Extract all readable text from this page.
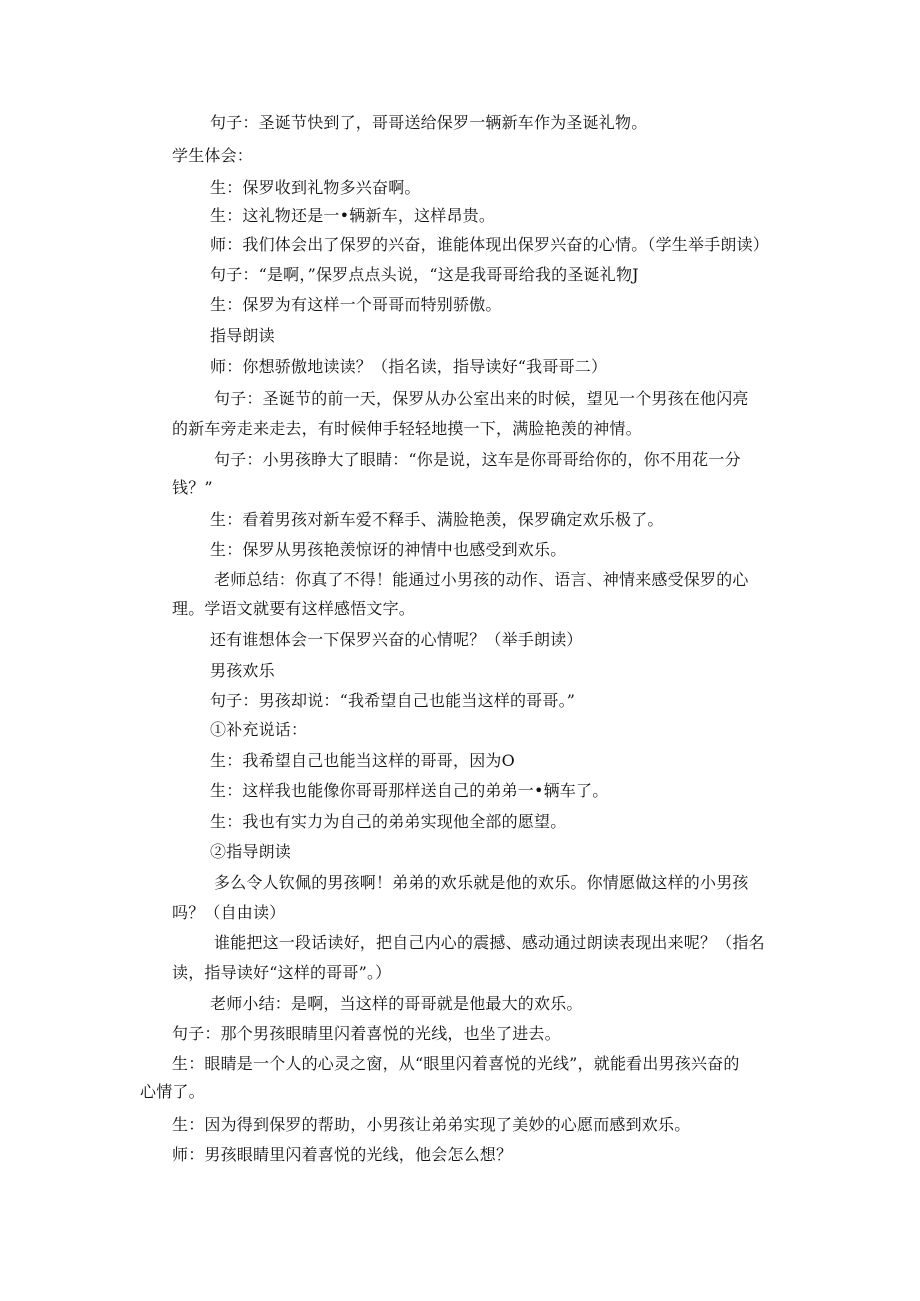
句子：圣诞节快到了，哥哥送给保罗一辆新车作为圣诞礼物。
学生体会：
生：保罗收到礼物多兴奋啊。
生：这礼物还是一•辆新车，这样昂贵。
师：我们体会出了保罗的兴奋，谁能体现出保罗兴奋的心情。（学生举手朗读）
句子：“是啊，”保罗点点头说，“这是我哥哥给我的圣诞礼物J
生：保罗为有这样一个哥哥而特别骄傲。
指导朗读
师：你想骄傲地读读？（指名读，指导读好“我哥哥二）
句子：圣诞节的前一天，保罗从办公室出来的时候，望见一个男孩在他闪亮
的新车旁走来走去，有时候伸手轻轻地摸一下，满脸艳羡的神情。
句子：小男孩睁大了眼睛：“你是说，这车是你哥哥给你的，你不用花一分
钱？”
生：看着男孩对新车爱不释手、满脸艳羡，保罗确定欢乐极了。
生：保罗从男孩艳羡惊讶的神情中也感受到欢乐。
老师总结：你真了不得！能通过小男孩的动作、语言、神情来感受保罗的心
理。学语文就要有这样感悟文字。
还有谁想体会一下保罗兴奋的心情呢？（举手朗读）
男孩欢乐
句子：男孩却说：“我希望自己也能当这样的哥哥。”
①补充说话：
生：我希望自己也能当这样的哥哥，因为O
生：这样我也能像你哥哥那样送自己的弟弟一•辆车了。
生：我也有实力为自己的弟弟实现他全部的愿望。
②指导朗读
多么令人钦佩的男孩啊！弟弟的欢乐就是他的欢乐。你情愿做这样的小男孩
吗？（自由读）
谁能把这一段话读好，把自己内心的震撼、感动通过朗读表现出来呢？（指名
读，指导读好“这样的哥哥”。）
老师小结：是啊，当这样的哥哥就是他最大的欢乐。
句子：那个男孩眼睛里闪着喜悦的光线，也坐了进去。
生：眼睛是一个人的心灵之窗，从“眼里闪着喜悦的光线”，就能看出男孩兴奋的
心情了。
生：因为得到保罗的帮助，小男孩让弟弟实现了美妙的心愿而感到欢乐。
师：男孩眼睛里闪着喜悦的光线，他会怎么想？
